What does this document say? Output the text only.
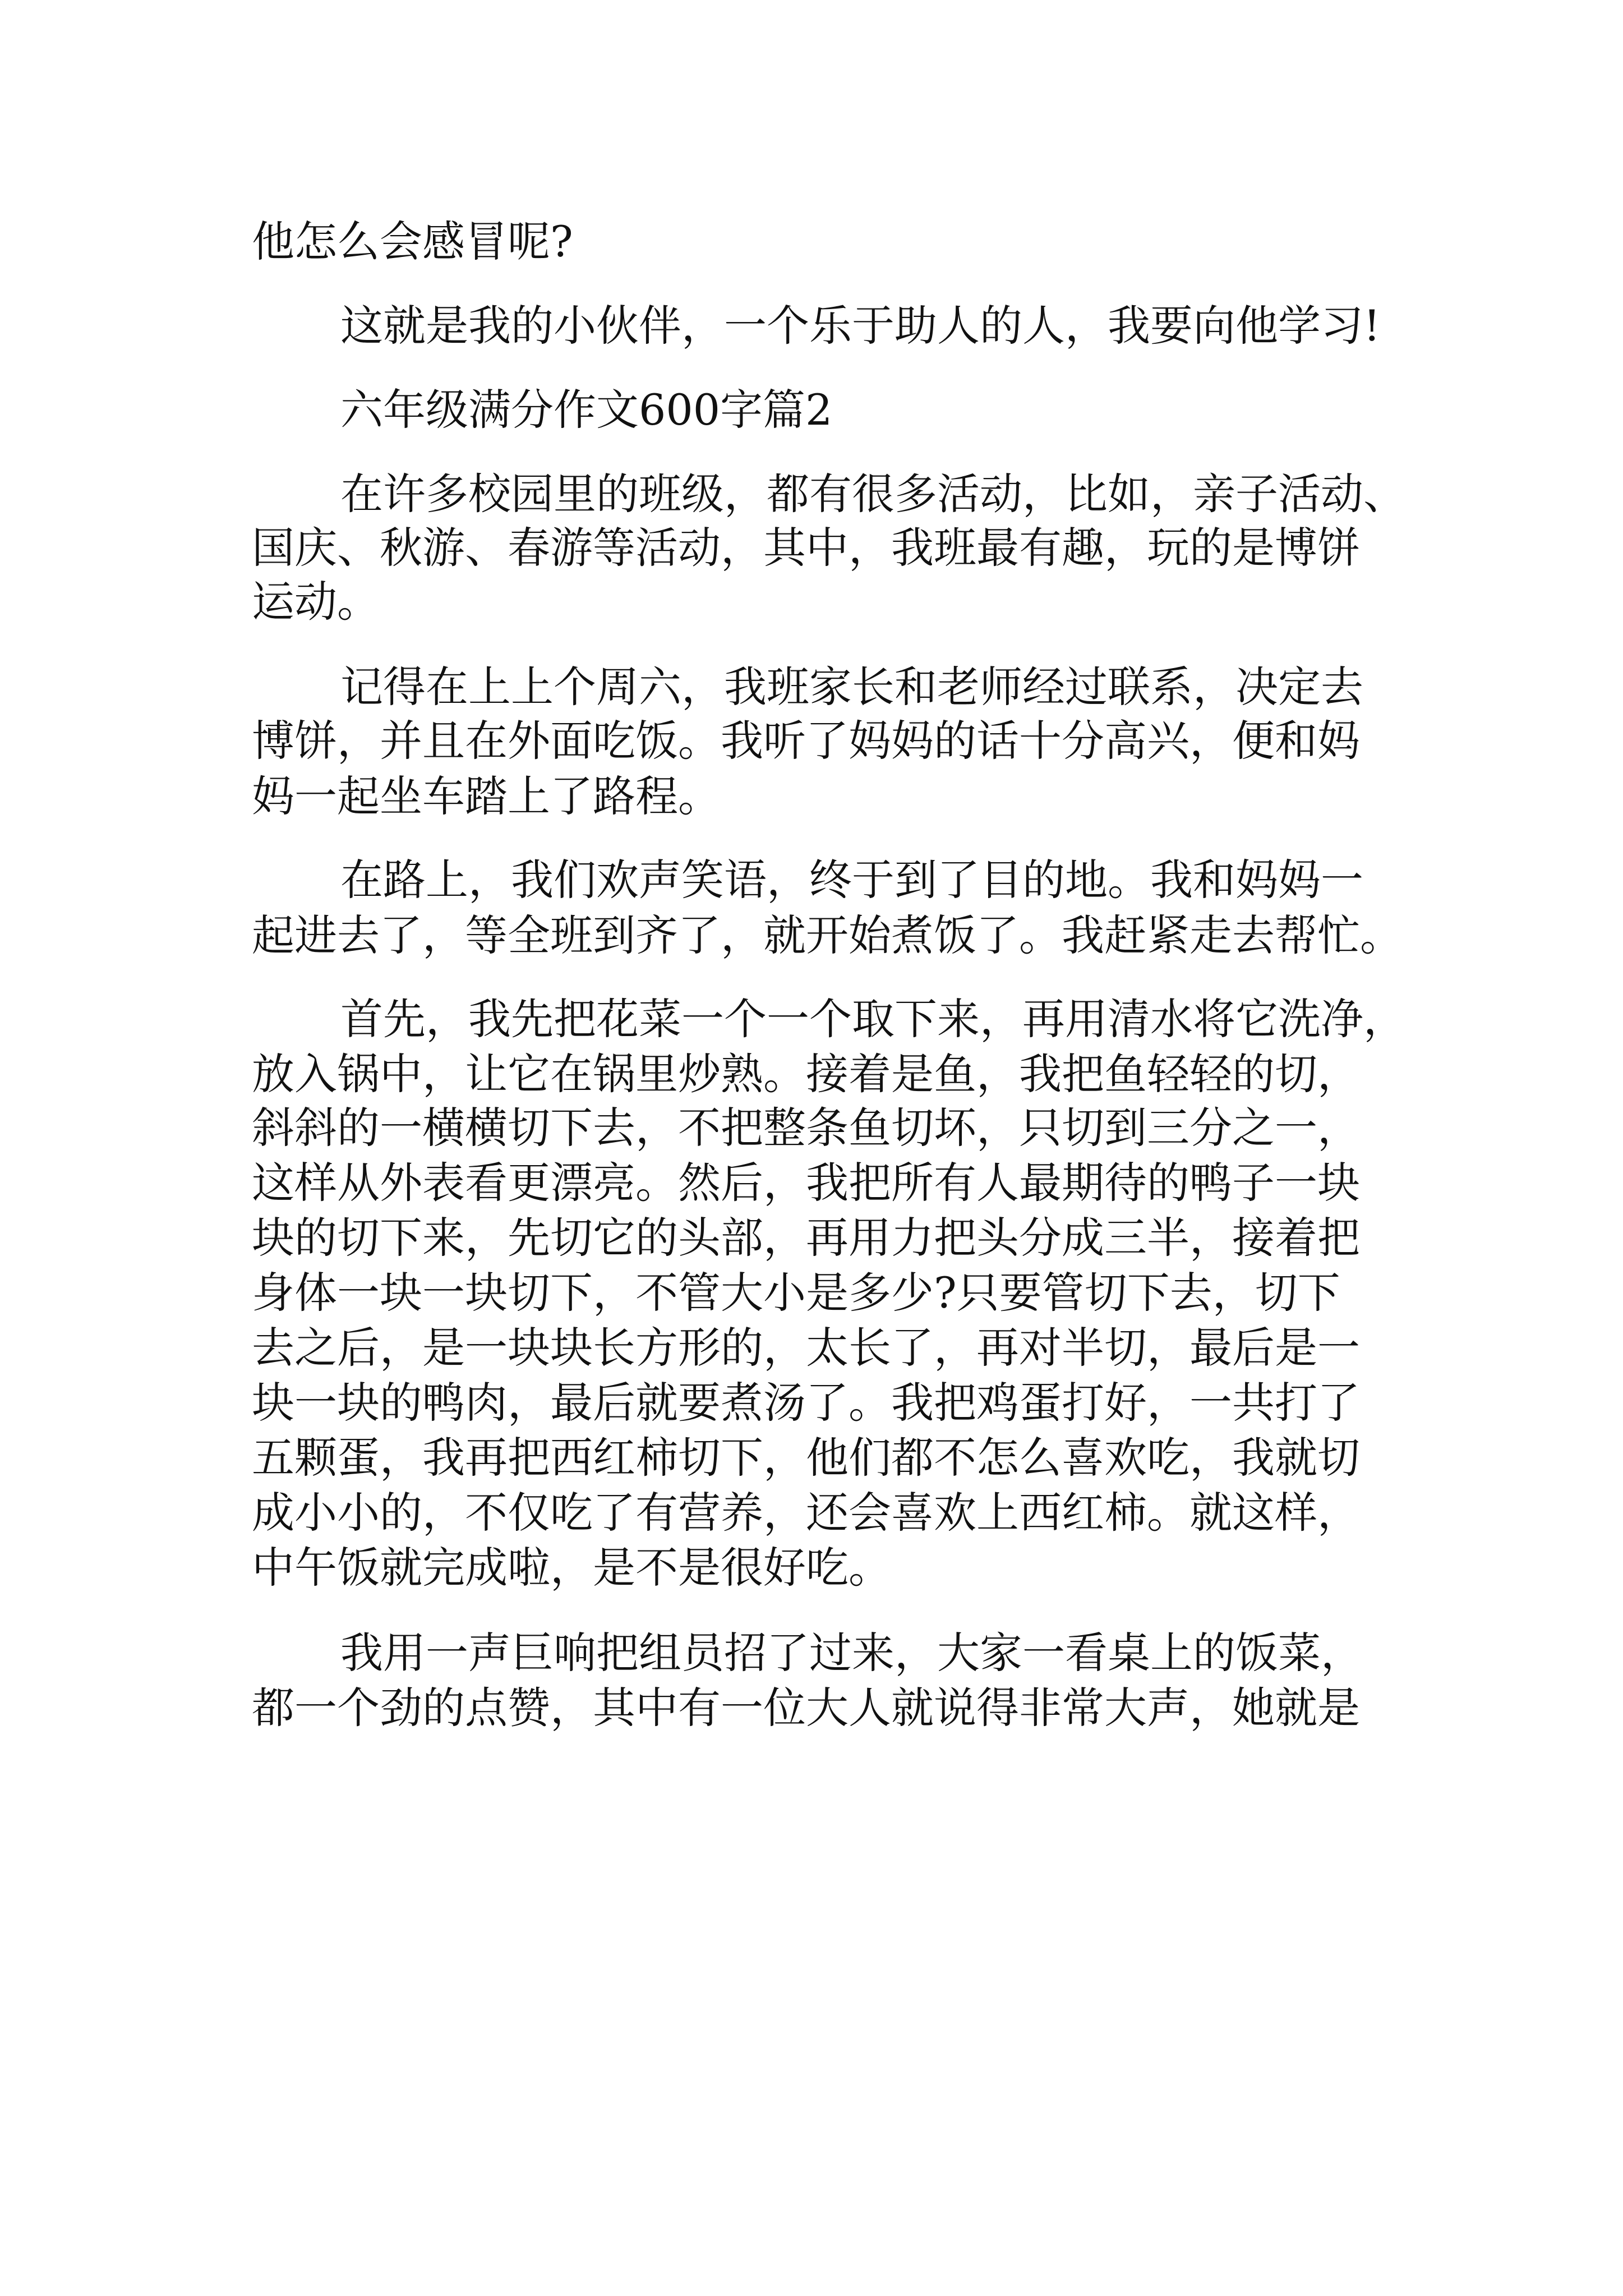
他怎么会感冒呢?
这就是我的小伙伴，一个乐于助人的人，我要向他学习!
六年级满分作文600字篇2
在许多校园里的班级，都有很多活动，比如，亲子活动、
国庆、秋游、春游等活动，其中，我班最有趣，玩的是博饼
运动。
记得在上上个周六，我班家长和老师经过联系，决定去
博饼，并且在外面吃饭。我听了妈妈的话十分高兴，便和妈
妈一起坐车踏上了路程。
在路上，我们欢声笑语，终于到了目的地。我和妈妈一
起进去了，等全班到齐了，就开始煮饭了。我赶紧走去帮忙。
首先，我先把花菜一个一个取下来，再用清水将它洗净，
放入锅中，让它在锅里炒熟。接着是鱼，我把鱼轻轻的切，
斜斜的一横横切下去，不把整条鱼切坏，只切到三分之一，
这样从外表看更漂亮。然后，我把所有人最期待的鸭子一块
块的切下来，先切它的头部，再用力把头分成三半，接着把
身体一块一块切下，不管大小是多少?只要管切下去，切下
去之后，是一块块长方形的，太长了，再对半切，最后是一
块一块的鸭肉，最后就要煮汤了。我把鸡蛋打好，一共打了
五颗蛋，我再把西红柿切下，他们都不怎么喜欢吃，我就切
成小小的，不仅吃了有营养，还会喜欢上西红柿。就这样，
中午饭就完成啦，是不是很好吃。
我用一声巨响把组员招了过来，大家一看桌上的饭菜，
都一个劲的点赞，其中有一位大人就说得非常大声，她就是
